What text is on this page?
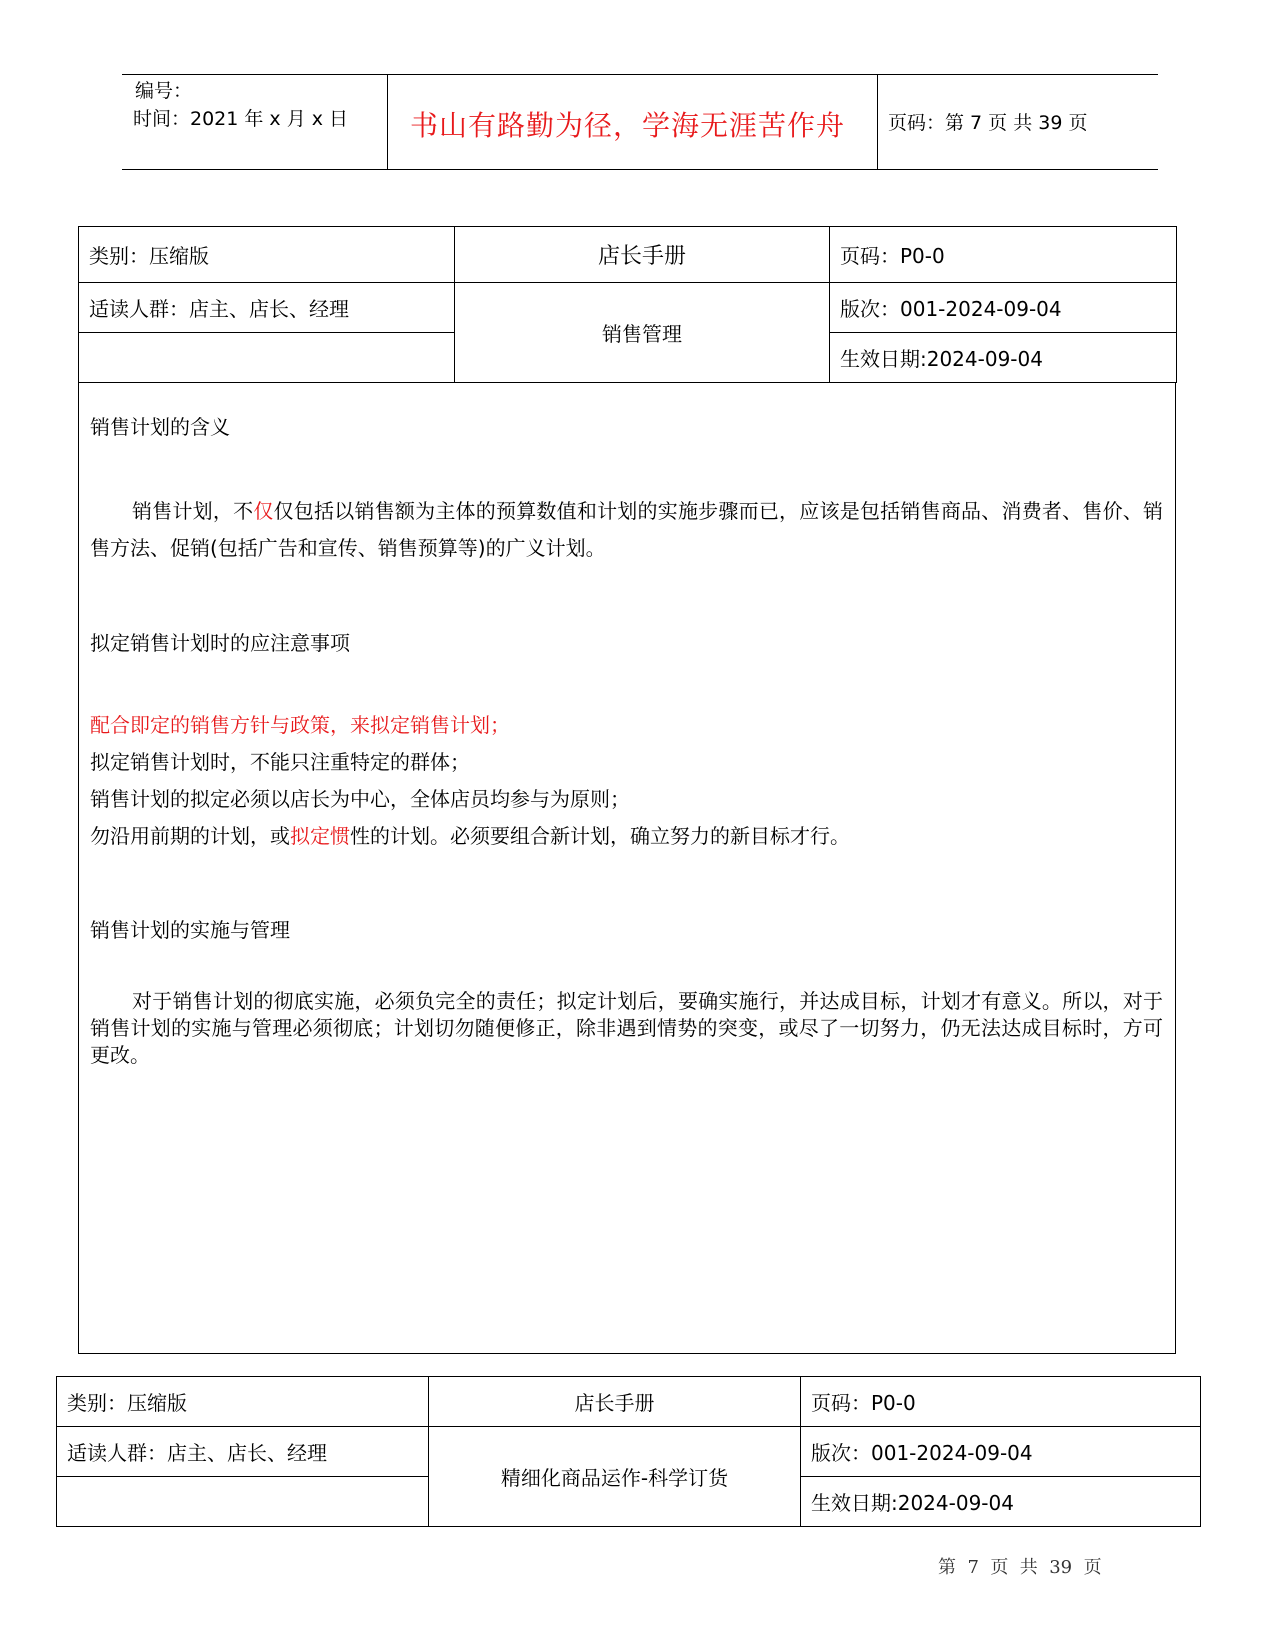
编号：
时间：2021 年 x 月 x 日 书山有路勤为径，学海无涯苦作舟 页码：第 7 页 共 39 页
类别：压缩版	店长手册	页码：P0-0
适读人群：店主、店长、经理	销售管理	版次：001-2024-09-04
		生效日期:2024-09-04
销售计划的含义
销售计划，不仅仅包括以销售额为主体的预算数值和计划的实施步骤而已，应该是包括销售商品、消费者、售价、销售方法、促销(包括广告和宣传、销售预算等)的广义计划。
拟定销售计划时的应注意事项
配合即定的销售方针与政策，来拟定销售计划；
拟定销售计划时，不能只注重特定的群体；
销售计划的拟定必须以店长为中心，全体店员均参与为原则；
勿沿用前期的计划，或拟定惯性的计划。必须要组合新计划，确立努力的新目标才行。
销售计划的实施与管理
对于销售计划的彻底实施，必须负完全的责任；拟定计划后，要确实施行，并达成目标，计划才有意义。所以，对于销售计划的实施与管理必须彻底；计划切勿随便修正，除非遇到情势的突变，或尽了一切努力，仍无法达成目标时，方可更改。
类别：压缩版	店长手册	页码：P0-0
适读人群：店主、店长、经理	精细化商品运作-科学订货	版次：001-2024-09-04
		生效日期:2024-09-04
第  7  页  共  39  页
